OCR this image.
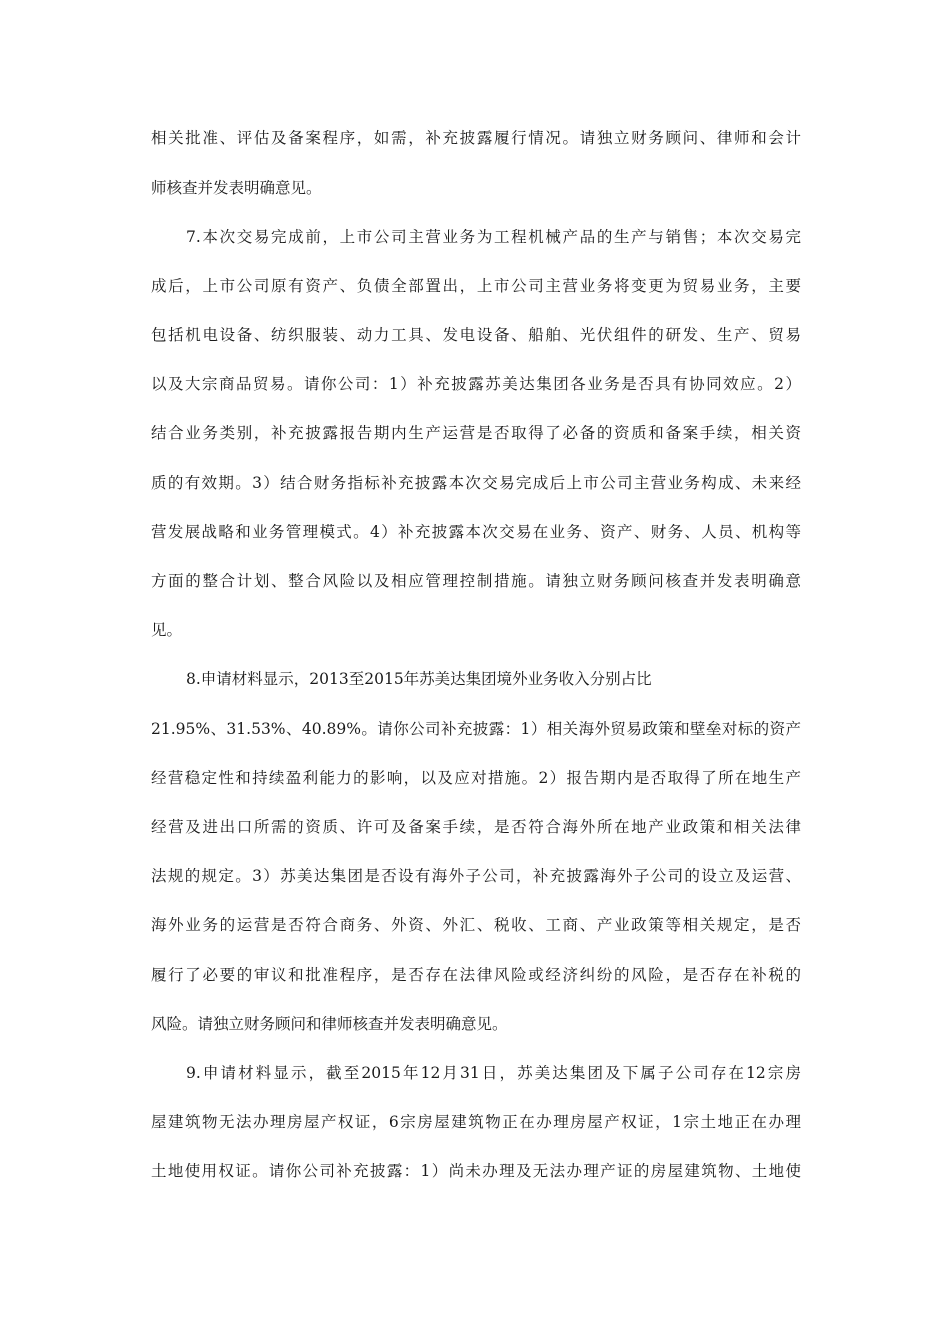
相关批准、评估及备案程序，如需，补充披露履行情况。请独立财务顾问、律师和会计
师核查并发表明确意见。
7.本次交易完成前，上市公司主营业务为工程机械产品的生产与销售；本次交易完
成后，上市公司原有资产、负债全部置出，上市公司主营业务将变更为贸易业务，主要
包括机电设备、纺织服装、动力工具、发电设备、船舶、光伏组件的研发、生产、贸易
以及大宗商品贸易。请你公司：1）补充披露苏美达集团各业务是否具有协同效应。2）
结合业务类别，补充披露报告期内生产运营是否取得了必备的资质和备案手续，相关资
质的有效期。3）结合财务指标补充披露本次交易完成后上市公司主营业务构成、未来经
营发展战略和业务管理模式。4）补充披露本次交易在业务、资产、财务、人员、机构等
方面的整合计划、整合风险以及相应管理控制措施。请独立财务顾问核查并发表明确意
见。
8.申请材料显示，2013至2015年苏美达集团境外业务收入分别占比
21.95%、31.53%、40.89%。请你公司补充披露：1）相关海外贸易政策和壁垒对标的资产
经营稳定性和持续盈利能力的影响，以及应对措施。2）报告期内是否取得了所在地生产
经营及进出口所需的资质、许可及备案手续，是否符合海外所在地产业政策和相关法律
法规的规定。3）苏美达集团是否设有海外子公司，补充披露海外子公司的设立及运营、
海外业务的运营是否符合商务、外资、外汇、税收、工商、产业政策等相关规定，是否
履行了必要的审议和批准程序，是否存在法律风险或经济纠纷的风险，是否存在补税的
风险。请独立财务顾问和律师核查并发表明确意见。
9.申请材料显示，截至2015年12月31日，苏美达集团及下属子公司存在12宗房
屋建筑物无法办理房屋产权证，6宗房屋建筑物正在办理房屋产权证，1宗土地正在办理
土地使用权证。请你公司补充披露：1）尚未办理及无法办理产证的房屋建筑物、土地使
